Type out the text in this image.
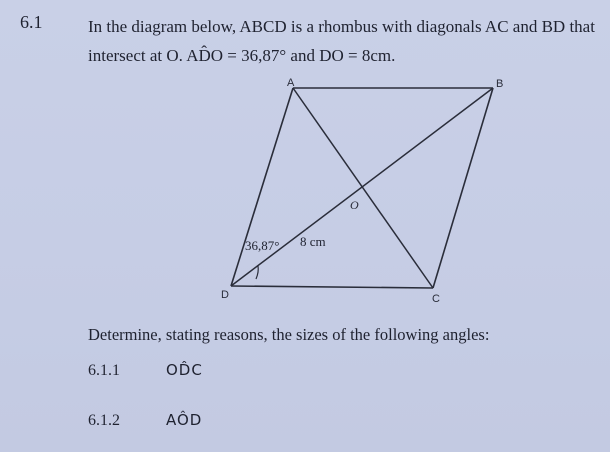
6.1	In the diagram below, ABCD is a rhombus with diagonals AC and BD that
intersect at O. AD̂O = 36,87° and DO = 8cm.
A	B
C
D
O
36,87° 8 cm
Determine, stating reasons, the sizes of the following angles:
6.1.1	OD̂C
6.1.2	AÔD
